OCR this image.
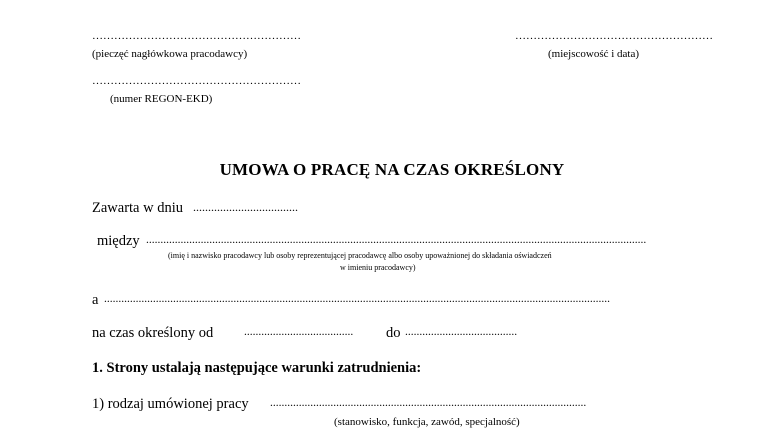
…………………………………………………
(pieczęć nagłówkowa pracodawcy)
………………………………………………
(miejscowość i data)
…………………………………………………
(numer REGON-EKD)
UMOWA O PRACĘ NA CZAS OKREŚLONY
Zawarta w dniu ...................................
między ..............................................................................................................................................................................
(imię i nazwisko pracodawcy lub osoby reprezentującej pracodawcę albo osoby upoważnionej do składania oświadczeń
w imieniu pracodawcy)
a ................................................................................................................................................................................
na czas określony od	...................................... do .......................................
1. Strony ustalają następujące warunki zatrudnienia:
1) rodzaj umówionej pracy ..............................................................................................................
(stanowisko, funkcja, zawód, specjalność)
